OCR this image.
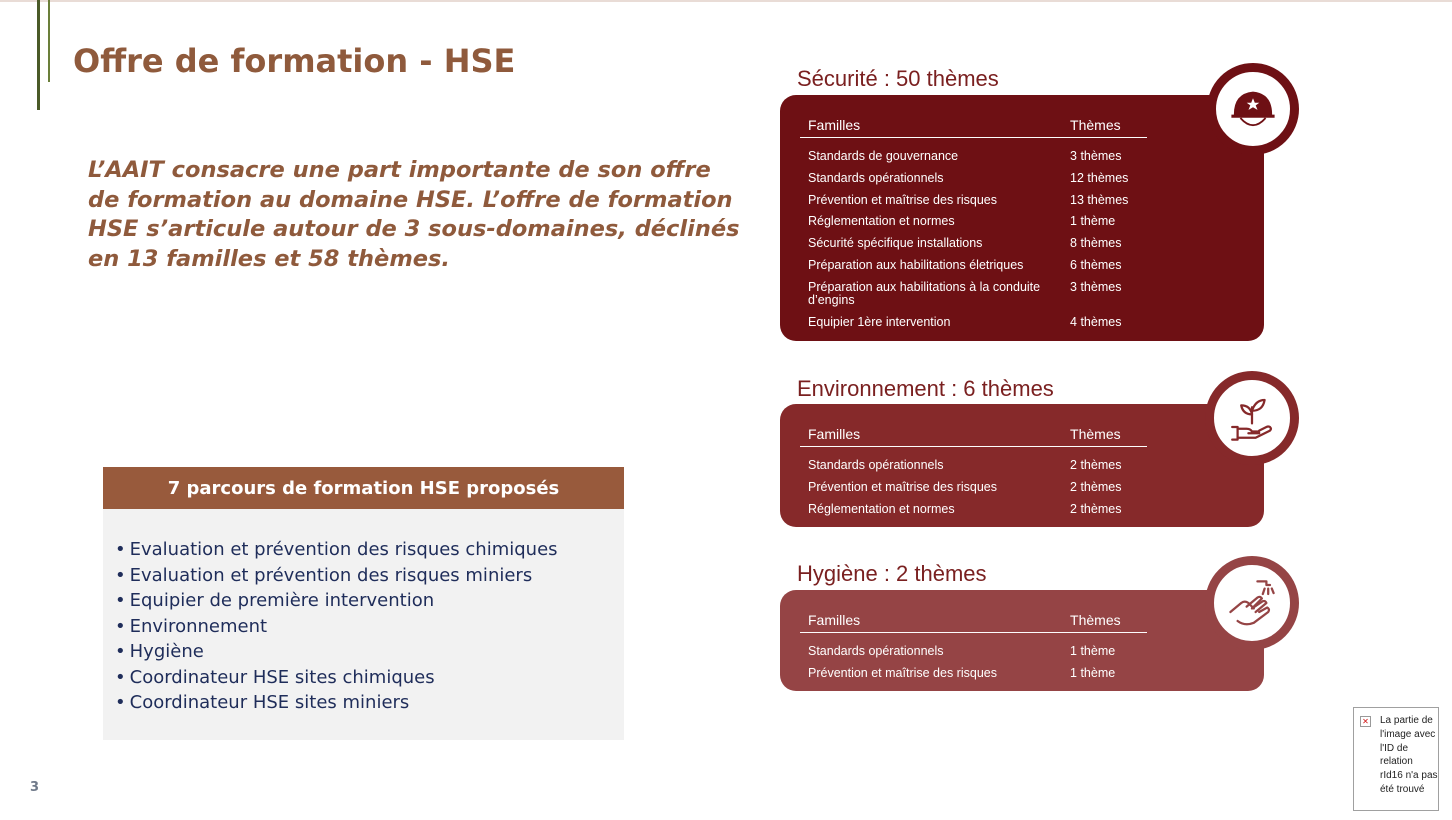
Offre de formation - HSE

L’AAIT consacre une part importante de son offre de formation au domaine HSE. L’offre de formation HSE s’articule autour de 3 sous-domaines, déclinés en 13 familles et 58 thèmes.

7 parcours de formation HSE proposés
• Evaluation et prévention des risques chimiques
• Evaluation et prévention des risques miniers
• Equipier de première intervention
• Environnement
• Hygiène
• Coordinateur HSE sites chimiques
• Coordinateur HSE sites miniers
Sécurité : 50 thèmes
Familles	Thèmes
Standards de gouvernance	3 thèmes
Standards opérationnels	12 thèmes
Prévention et maîtrise des risques	13 thèmes
Réglementation et normes	1 thème
Sécurité spécifique installations	8 thèmes
Préparation aux habilitations életriques	6 thèmes
Préparation aux habilitations à la conduite d’engins	3 thèmes
Equipier 1ère intervention	4 thèmes
Environnement : 6 thèmes
Familles	Thèmes
Standards opérationnels	2 thèmes
Prévention et maîtrise des risques	2 thèmes
Réglementation et normes	2 thèmes
Hygiène : 2 thèmes
Familles	Thèmes
Standards opérationnels	1 thème
Prévention et maîtrise des risques	1 thème
3
✕ La partie de l'image avec l'ID de relation rId16 n'a pas été trouvé
